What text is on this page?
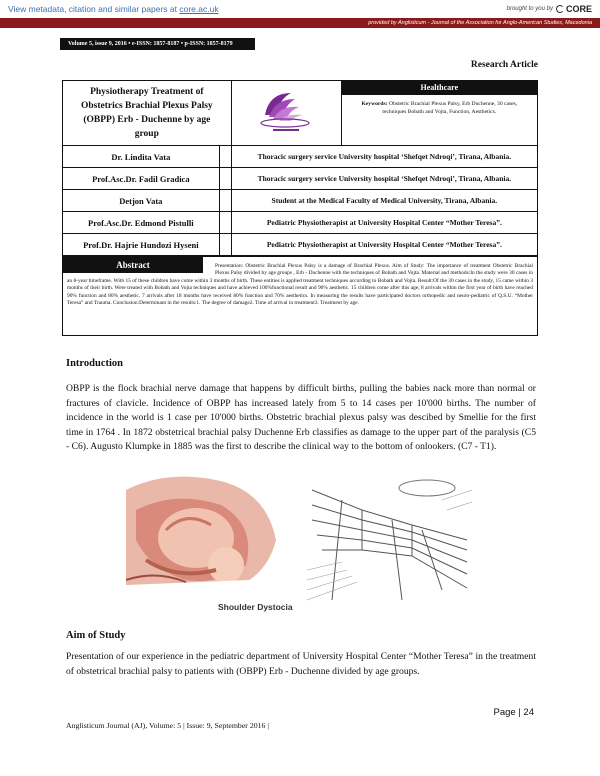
View metadata, citation and similar papers at core.ac.uk	brought to you by CORE
provided by Anglisticum - Journal of the Association for Anglo-American Studies, Macedonia
Volume 5, issue 9, 2016 • e-ISSN: 1857-8187 • p-ISSN: 1857-8179
Research Article
Physiotherapy Treatment of Obstetrics Brachial Plexus Palsy (OBPP) Erb - Duchenne by age group			Healthcare
Keywords: Obstetric Brachial Plexus Palsy, Erb Duchenne, 30 cases, techniques Bobath and Vojta, Function, Aesthetics.

Dr. Lindita Vata		Thoracic surgery service University hospital ‘Shefqet Ndroqi’, Tirana, Albania.	
Prof.Asc.Dr. Fadil Gradica		Thoracic surgery service University hospital ‘Shefqet Ndroqi’, Tirana, Albania.	
Detjon Vata		Student at the Medical Faculty of Medical University, Tirana, Albania.	
Prof.Asc.Dr. Edmond Pistulli		Pediatric Physiotherapist at University Hospital Center “Mother Teresa”.	
Prof.Dr. Hajrie Hundozi Hyseni		Pediatric Physiotherapist at University Hospital Center “Mother Teresa”.	
Abstract	Presentation: Obstetric Brachial Plexus Palsy is a damage of Brachial Plexus. Aim of Study: The importance of treatment Obstetric Brachial Plexus Palsy divided by age groups , Erb - Duchenne with the techniques of Bobath and Vojta. Material and methods:In the study were 30 cases in an 8-year timeframe. With 15 of these children have come within 3 months of birth. These entities is applied treatment techniques according to Bobath and Vojta. Result:Of the 30 cases in the study, 15 came within 3 months of their birth. Were treated with Bobath and Vojta techniques and have achieved 100%functional result and 90% aesthetic. 15 children come after this age, 8 arrivals within the first year of birth have reached 90% function and 80% aesthetic. 7 arrivals after 18 months have received 80% function and 70% aesthetics. In measuring the results have participated doctors orthopedic and neuro-pediatric of Q.S.U. “Mother Teresa” and Trauma. Conclusion:Determinant in the results:1. The degree of damage2. Time of arrival in treatment3. Treatment by age.
Introduction
OBPP is the flock brachial nerve damage that happens by difficult births, pulling the babies nack more than normal or fractures of clavicle. Incidence of OBPP has increased lately from 5 to 14 cases per 10'000 births. The number of incidence in the world is 1 case per 10'000 births. Obstetric brachial plexus palsy was descibed by Smellie for the first time in 1764 . In 1872 obstetrical brachial palsy Duchenne Erb classifies as damage to the upper part of the paralysis (C5 - C6). Augusto Klumpke in 1885 was the first to describe the clinical way to the bottom of onlookers. (C7 - T1).
Shoulder Dystocia
Aim of Study
Presentation of our experience in the pediatric department of University Hospital Center “Mother Teresa” in the treatment of obstetrical brachial palsy to patients with (OBPP) Erb - Duchenne divided by age groups.
Page | 24
Anglisticum Journal (AJ), Volume: 5 | Issue: 9, September 2016 |
